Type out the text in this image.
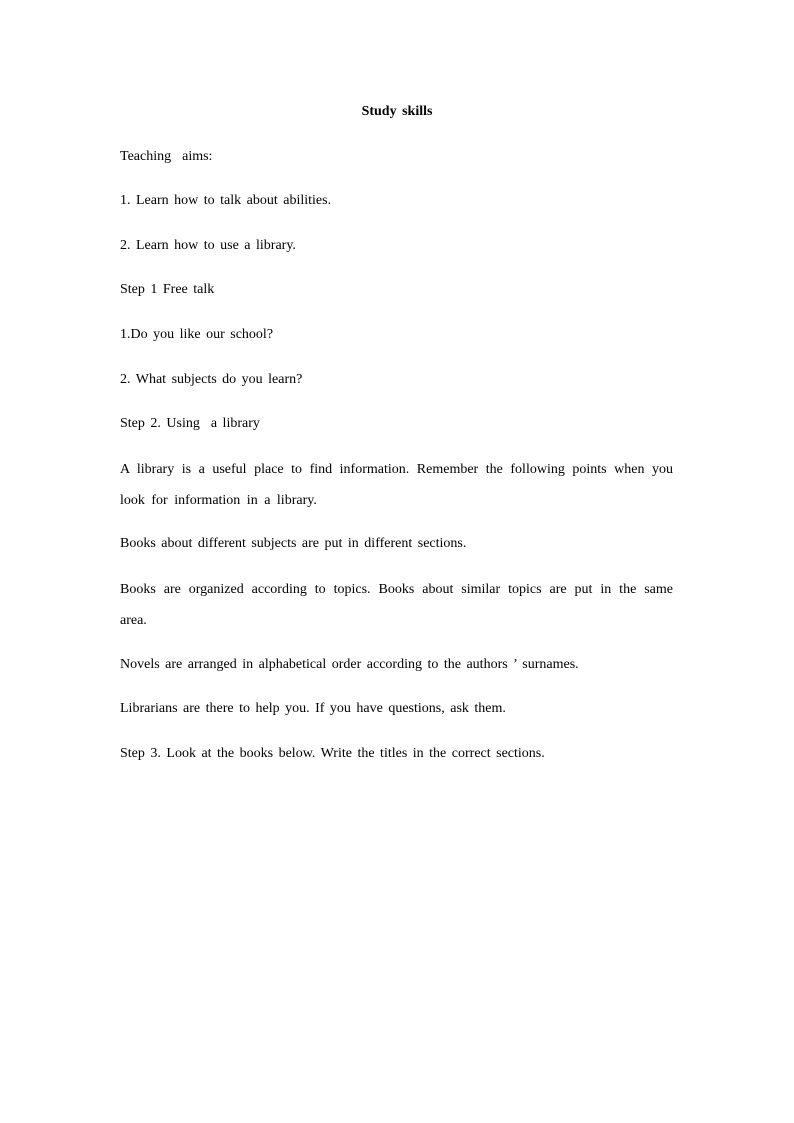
Study skills
Teaching  aims:
1. Learn how to talk about abilities.
2. Learn how to use a library.
Step 1 Free talk
1.Do you like our school?
2. What subjects do you learn?
Step 2. Using  a library
A library is a useful place to find information. Remember the following points when you look for information in a library.
Books about different subjects are put in different sections.
Books are organized according to topics. Books about similar topics are put in the same area.
Novels are arranged in alphabetical order according to the authors ’ surnames.
Librarians are there to help you. If you have questions, ask them.
Step 3. Look at the books below. Write the titles in the correct sections.
